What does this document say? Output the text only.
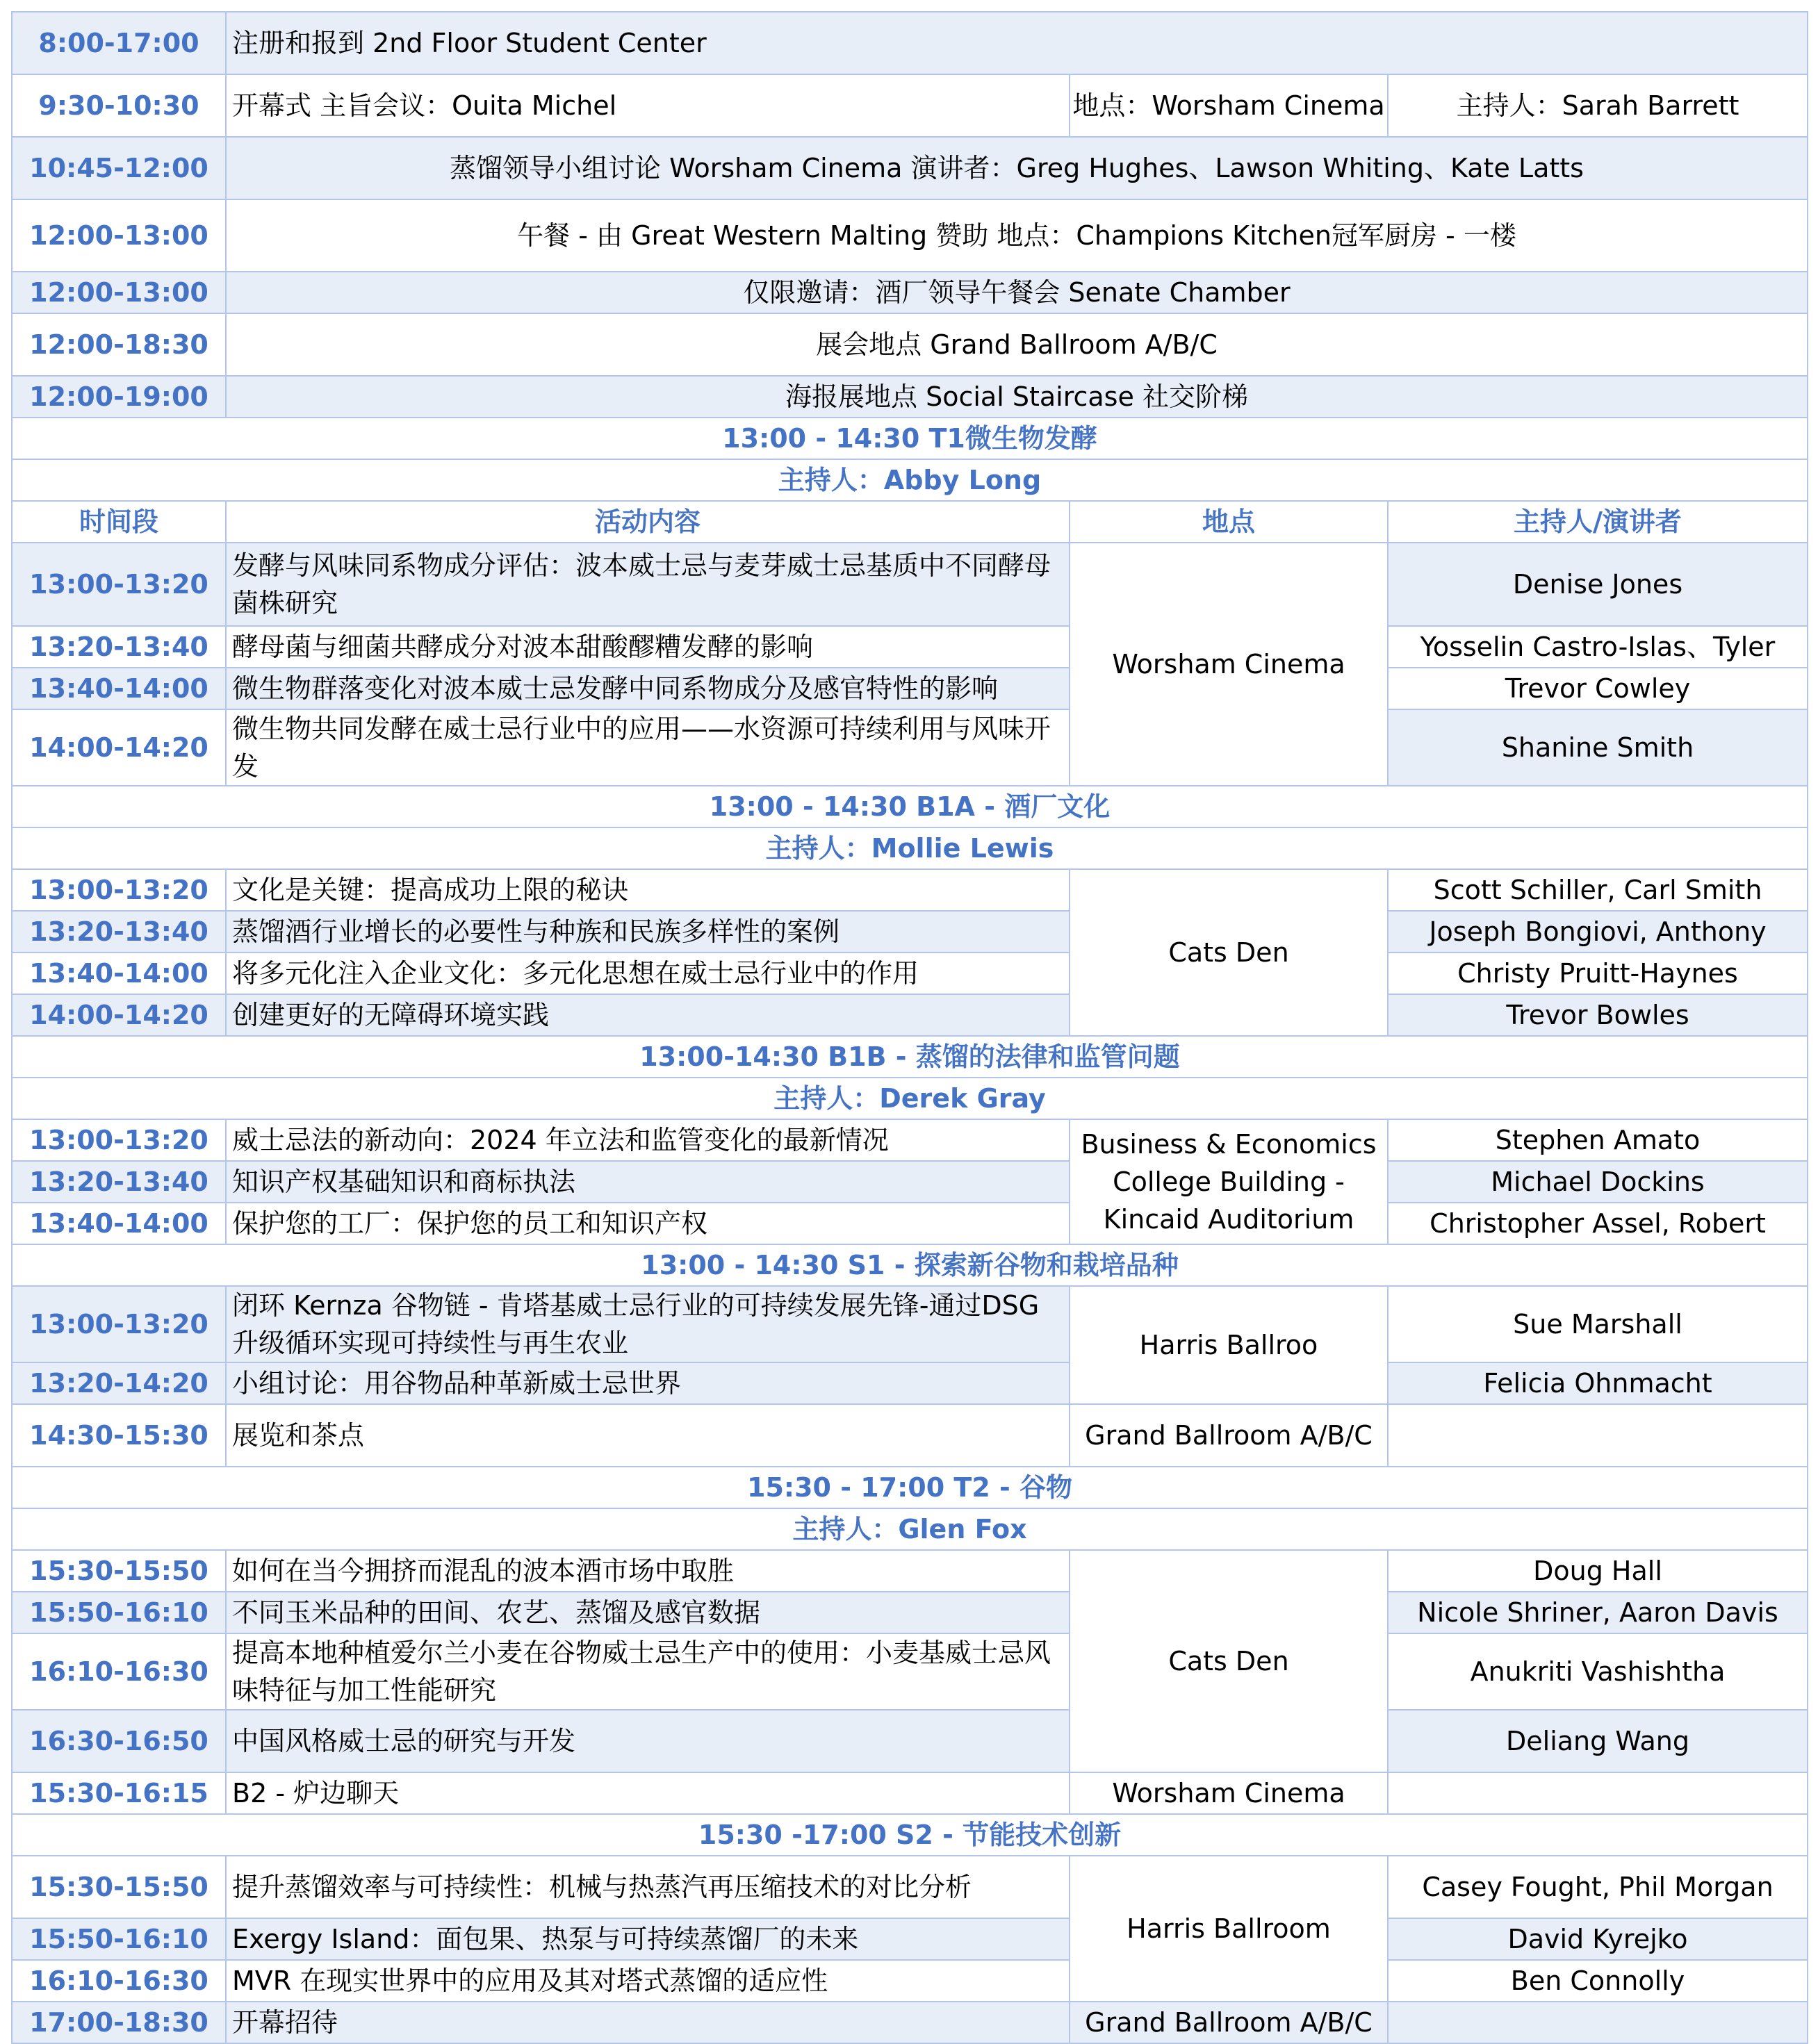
8:00-17:00	注册和报到 2nd Floor Student Center		
9:30-10:30	开幕式 主旨会议：Ouita Michel	地点：Worsham Cinema	主持人：Sarah Barrett
10:45-12:00	蒸馏领导小组讨论 Worsham Cinema 演讲者：Greg Hughes、Lawson Whiting、Kate Latts		
12:00-13:00	午餐 - 由 Great Western Malting 赞助 地点：Champions Kitchen冠军厨房 - 一楼		
12:00-13:00	仅限邀请：酒厂领导午餐会 Senate Chamber		
12:00-18:30	展会地点 Grand Ballroom A/B/C		
12:00-19:00	海报展地点 Social Staircase 社交阶梯		
13:00 - 14:30 T1微生物发酵			
主持人：Abby Long			
时间段	活动内容	地点	主持人/演讲者
13:00-13:20	发酵与风味同系物成分评估：波本威士忌与麦芽威士忌基质中不同酵母菌株研究	Worsham Cinema	Denise Jones
13:20-13:40	酵母菌与细菌共酵成分对波本甜酸醪糟发酵的影响		Yosselin Castro-Islas、Tyler
13:40-14:00	微生物群落变化对波本威士忌发酵中同系物成分及感官特性的影响		Trevor Cowley
14:00-14:20	微生物共同发酵在威士忌行业中的应用——水资源可持续利用与风味开发		Shanine Smith
13:00 - 14:30 B1A - 酒厂文化			
主持人：Mollie Lewis			
13:00-13:20	文化是关键：提高成功上限的秘诀	Cats Den	Scott Schiller, Carl Smith
13:20-13:40	蒸馏酒行业增长的必要性与种族和民族多样性的案例		Joseph Bongiovi, Anthony
13:40-14:00	将多元化注入企业文化：多元化思想在威士忌行业中的作用		Christy Pruitt-Haynes
14:00-14:20	创建更好的无障碍环境实践		Trevor Bowles
13:00-14:30 B1B - 蒸馏的法律和监管问题			
主持人：Derek Gray			
13:00-13:20	威士忌法的新动向：2024 年立法和监管变化的最新情况	Business & Economics College Building - Kincaid Auditorium	Stephen Amato
13:20-13:40	知识产权基础知识和商标执法		Michael Dockins
13:40-14:00	保护您的工厂：保护您的员工和知识产权		Christopher Assel, Robert
13:00 - 14:30 S1 - 探索新谷物和栽培品种			
13:00-13:20	闭环 Kernza 谷物链 - 肯塔基威士忌行业的可持续发展先锋-通过DSG升级循环实现可持续性与再生农业	Harris Ballroo	Sue Marshall
13:20-14:20	小组讨论：用谷物品种革新威士忌世界		Felicia Ohnmacht
14:30-15:30	展览和茶点	Grand Ballroom A/B/C	
15:30 - 17:00 T2 - 谷物			
主持人：Glen Fox			
15:30-15:50	如何在当今拥挤而混乱的波本酒市场中取胜	Cats Den	Doug Hall
15:50-16:10	不同玉米品种的田间、农艺、蒸馏及感官数据		Nicole Shriner, Aaron Davis
16:10-16:30	提高本地种植爱尔兰小麦在谷物威士忌生产中的使用：小麦基威士忌风味特征与加工性能研究		Anukriti Vashishtha
16:30-16:50	中国风格威士忌的研究与开发		Deliang Wang
15:30-16:15	B2 - 炉边聊天	Worsham Cinema	
15:30 -17:00 S2 - 节能技术创新			
15:30-15:50	提升蒸馏效率与可持续性：机械与热蒸汽再压缩技术的对比分析	Harris Ballroom	Casey Fought, Phil Morgan
15:50-16:10	Exergy Island：面包果、热泵与可持续蒸馏厂的未来		David Kyrejko
16:10-16:30	MVR 在现实世界中的应用及其对塔式蒸馏的适应性		Ben Connolly
17:00-18:30	开幕招待	Grand Ballroom A/B/C	
